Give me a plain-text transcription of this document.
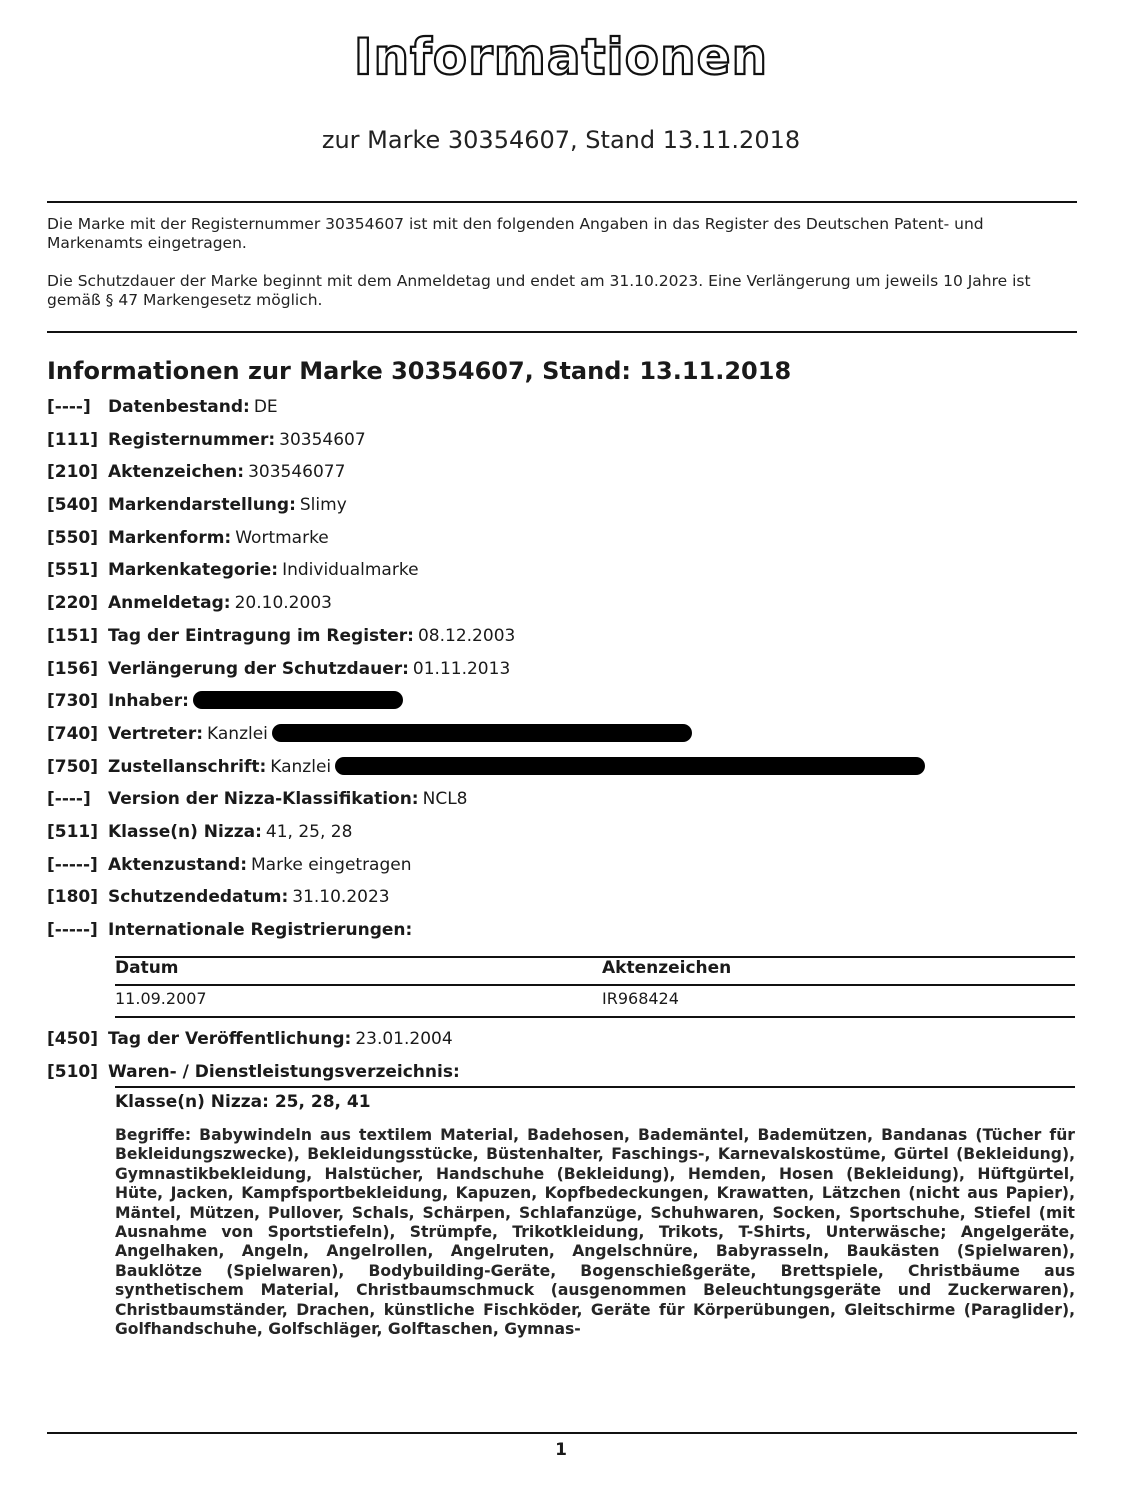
Informationen
zur Marke 30354607, Stand 13.11.2018
Die Marke mit der Registernummer 30354607 ist mit den folgenden Angaben in das Register des Deutschen Patent- und Markenamts eingetragen.
Die Schutzdauer der Marke beginnt mit dem Anmeldetag und endet am 31.10.2023. Eine Verlängerung um jeweils 10 Jahre ist gemäß § 47 Markengesetz möglich.
Informationen zur Marke 30354607, Stand: 13.11.2018
[----]	Datenbestand: DE
[111] Registernummer: 30354607
[210] Aktenzeichen: 303546077
[540] Markendarstellung: Slimy
[550] Markenform: Wortmarke
[551] Markenkategorie: Individualmarke
[220] Anmeldetag: 20.10.2003
[151] Tag der Eintragung im Register: 08.12.2003
[156] Verlängerung der Schutzdauer: 01.11.2013
[730] Inhaber:
[740] Vertreter: Kanzlei
[750] Zustellanschrift: Kanzlei
[----]	Version der Nizza-Klassifikation: NCL8
[511] Klasse(n) Nizza: 41, 25, 28
[-----] Aktenzustand: Marke eingetragen
[180] Schutzendedatum: 31.10.2023
[-----] Internationale Registrierungen:
Datum	Aktenzeichen
11.09.2007	IR968424
[450] Tag der Veröffentlichung: 23.01.2004
[510] Waren- / Dienstleistungsverzeichnis:
Klasse(n) Nizza: 25, 28, 41
Begriffe: Babywindeln aus textilem Material, Badehosen, Bademäntel, Bademützen, Bandanas (Tücher für Bekleidungszwecke), Bekleidungsstücke, Büstenhalter, Faschings-, Karnevalskostüme, Gürtel (Bekleidung), Gymnastikbekleidung, Halstücher, Handschuhe (Bekleidung), Hemden, Hosen (Bekleidung), Hüftgürtel, Hüte, Jacken, Kampfsportbekleidung, Kapuzen, Kopfbedeckungen, Krawatten, Lätzchen (nicht aus Papier), Mäntel, Mützen, Pullover, Schals, Schärpen, Schlafanzüge, Schuhwaren, Socken, Sportschuhe, Stiefel (mit Ausnahme von Sportstiefeln), Strümpfe, Trikotkleidung, Trikots, T-Shirts, Unterwäsche; Angelgeräte, Angelhaken, Angeln, Angelrollen, Angelruten, Angelschnüre, Babyrasseln, Baukästen (Spielwaren), Bauklötze (Spielwaren), Bodybuilding-Geräte, Bogenschießgeräte, Brettspiele, Christbäume aus synthetischem Material, Christbaumschmuck (ausgenommen Beleuchtungsgeräte und Zuckerwaren), Christbaumständer, Drachen, künstliche Fischköder, Geräte für Körperübungen, Gleitschirme (Paraglider), Golfhandschuhe, Golfschläger, Golftaschen, Gymnas-
1
